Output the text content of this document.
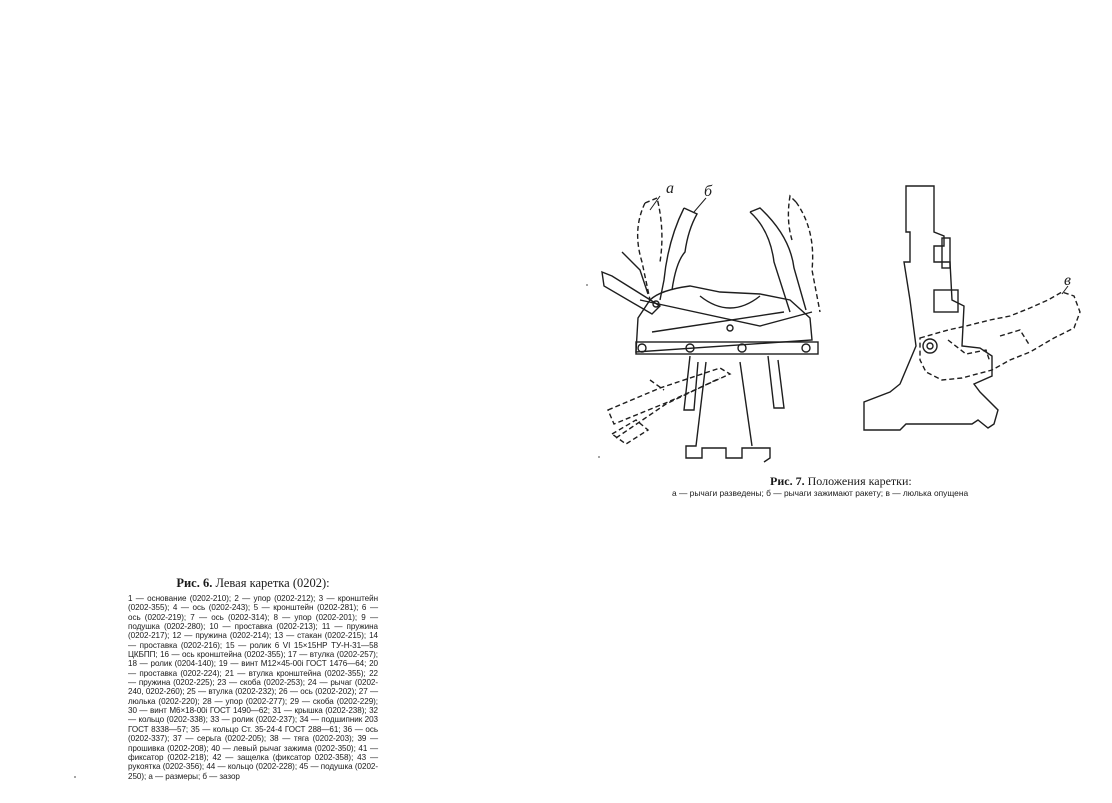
а б
в
Рис. 6. Левая каретка (0202):
1 — основание (0202-210); 2 — упор (0202-212); 3 — кронштейн (0202-355); 4 — ось (0202-243); 5 — кронштейн (0202-281); 6 — ось (0202-219); 7 — ось (0202-314); 8 — упор (0202-201); 9 — подушка (0202-280); 10 — проставка (0202-213); 11 — пружина (0202-217); 12 — пружина (0202-214); 13 — стакан (0202-215); 14 — проставка (0202-216); 15 — ролик 6 VI 15×15НР ТУ-Н-31—58 ЦКБПП; 16 — ось кронштейна (0202-355); 17 — втулка (0202-257); 18 — ролик (0204-140); 19 — винт М12×45-00і ГОСТ 1476—64; 20 — проставка (0202-224); 21 — втулка кронштейна (0202-355); 22 — пружина (0202-225); 23 — скоба (0202-253); 24 — рычаг (0202-240, 0202-260); 25 — втулка (0202-232); 26 — ось (0202-202); 27 — люлька (0202-220); 28 — упор (0202-277); 29 — скоба (0202-229); 30 — винт М6×18-00і ГОСТ 1490—62; 31 — крышка (0202-238); 32 — кольцо (0202-338); 33 — ролик (0202-237); 34 — подшипник 203 ГОСТ 8338—57; 35 — кольцо Ст. 35-24-4 ГОСТ 288—61; 36 — ось (0202-337); 37 — серьга (0202-205); 38 — тяга (0202-203); 39 — прошивка (0202-208); 40 — левый рычаг зажима (0202-350); 41 — фиксатор (0202-218); 42 — защелка (фиксатор 0202-358); 43 — рукоятка (0202-356); 44 — кольцо (0202-228); 45 — подушка (0202-250); а — размеры; б — зазор
Рис. 7. Положения каретки:
а — рычаги разведены; б — рычаги зажимают ракету; в — люлька опущена
